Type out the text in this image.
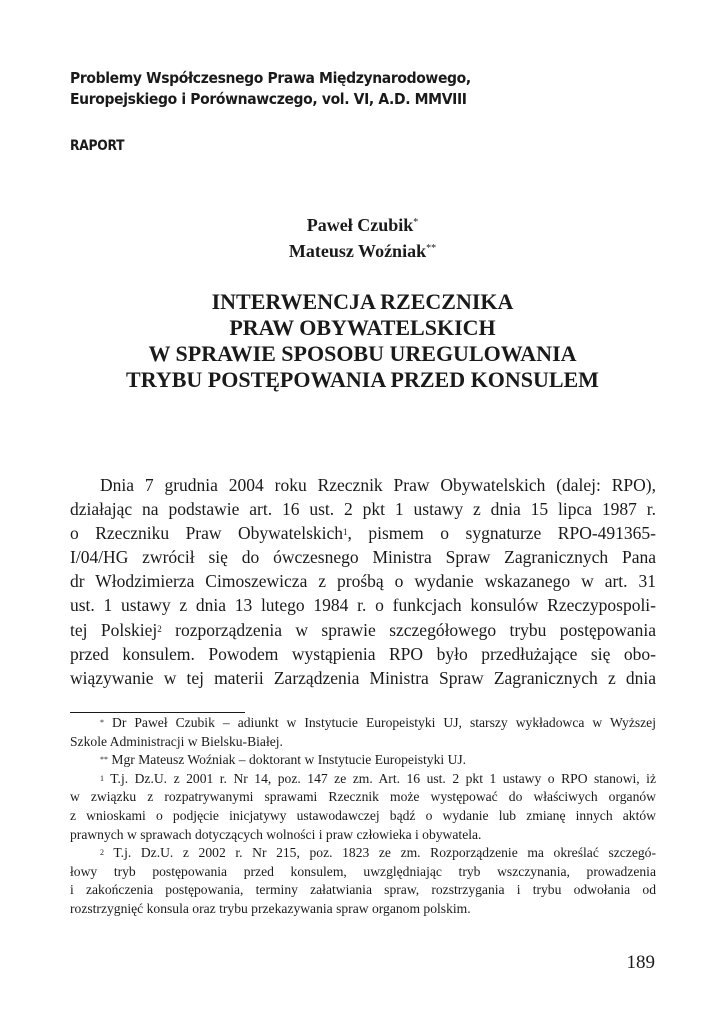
Problemy Współczesnego Prawa Międzynarodowego,
Europejskiego i Porównawczego, vol. VI, A.D. MMVIII
RAPORT
Paweł Czubik*
Mateusz Woźniak**
INTERWENCJA RZECZNIKA
PRAW OBYWATELSKICH
W SPRAWIE SPOSOBU UREGULOWANIA
TRYBU POSTĘPOWANIA PRZED KONSULEM
Dnia 7 grudnia 2004 roku Rzecznik Praw Obywatelskich (dalej: RPO),
działając na podstawie art. 16 ust. 2 pkt 1 ustawy z dnia 15 lipca 1987 r.
o Rzeczniku Praw Obywatelskich$^1$, pismem o sygnaturze RPO-491365-
I/04/HG zwrócił się do ówczesnego Ministra Spraw Zagranicznych Pana
dr Włodzimierza Cimoszewicza z prośbą o wydanie wskazanego w art. 31
ust. 1 ustawy z dnia 13 lutego 1984 r. o funkcjach konsulów Rzeczypospoli-
tej Polskiej$^2$ rozporządzenia w sprawie szczegółowego trybu postępowania
przed konsulem. Powodem wystąpienia RPO było przedłużające się obo-
wiązywanie w tej materii Zarządzenia Ministra Spraw Zagranicznych z dnia
* Dr Paweł Czubik – adiunkt w Instytucie Europeistyki UJ, starszy wykładowca w Wyższej
Szkole Administracji w Bielsku-Białej.
** Mgr Mateusz Woźniak – doktorant w Instytucie Europeistyki UJ.
$^1$ T.j. Dz.U. z 2001 r. Nr 14, poz. 147 ze zm. Art. 16 ust. 2 pkt 1 ustawy o RPO stanowi, iż
w związku z rozpatrywanymi sprawami Rzecznik może występować do właściwych organów
z wnioskami o podjęcie inicjatywy ustawodawczej bądź o wydanie lub zmianę innych aktów
prawnych w sprawach dotyczących wolności i praw człowieka i obywatela.
$^2$ T.j. Dz.U. z 2002 r. Nr 215, poz. 1823 ze zm. Rozporządzenie ma określać szczegó-
łowy tryb postępowania przed konsulem, uwzględniając tryb wszczynania, prowadzenia
i zakończenia postępowania, terminy załatwiania spraw, rozstrzygania i trybu odwołania od
rozstrzygnięć konsula oraz trybu przekazywania spraw organom polskim.
189
